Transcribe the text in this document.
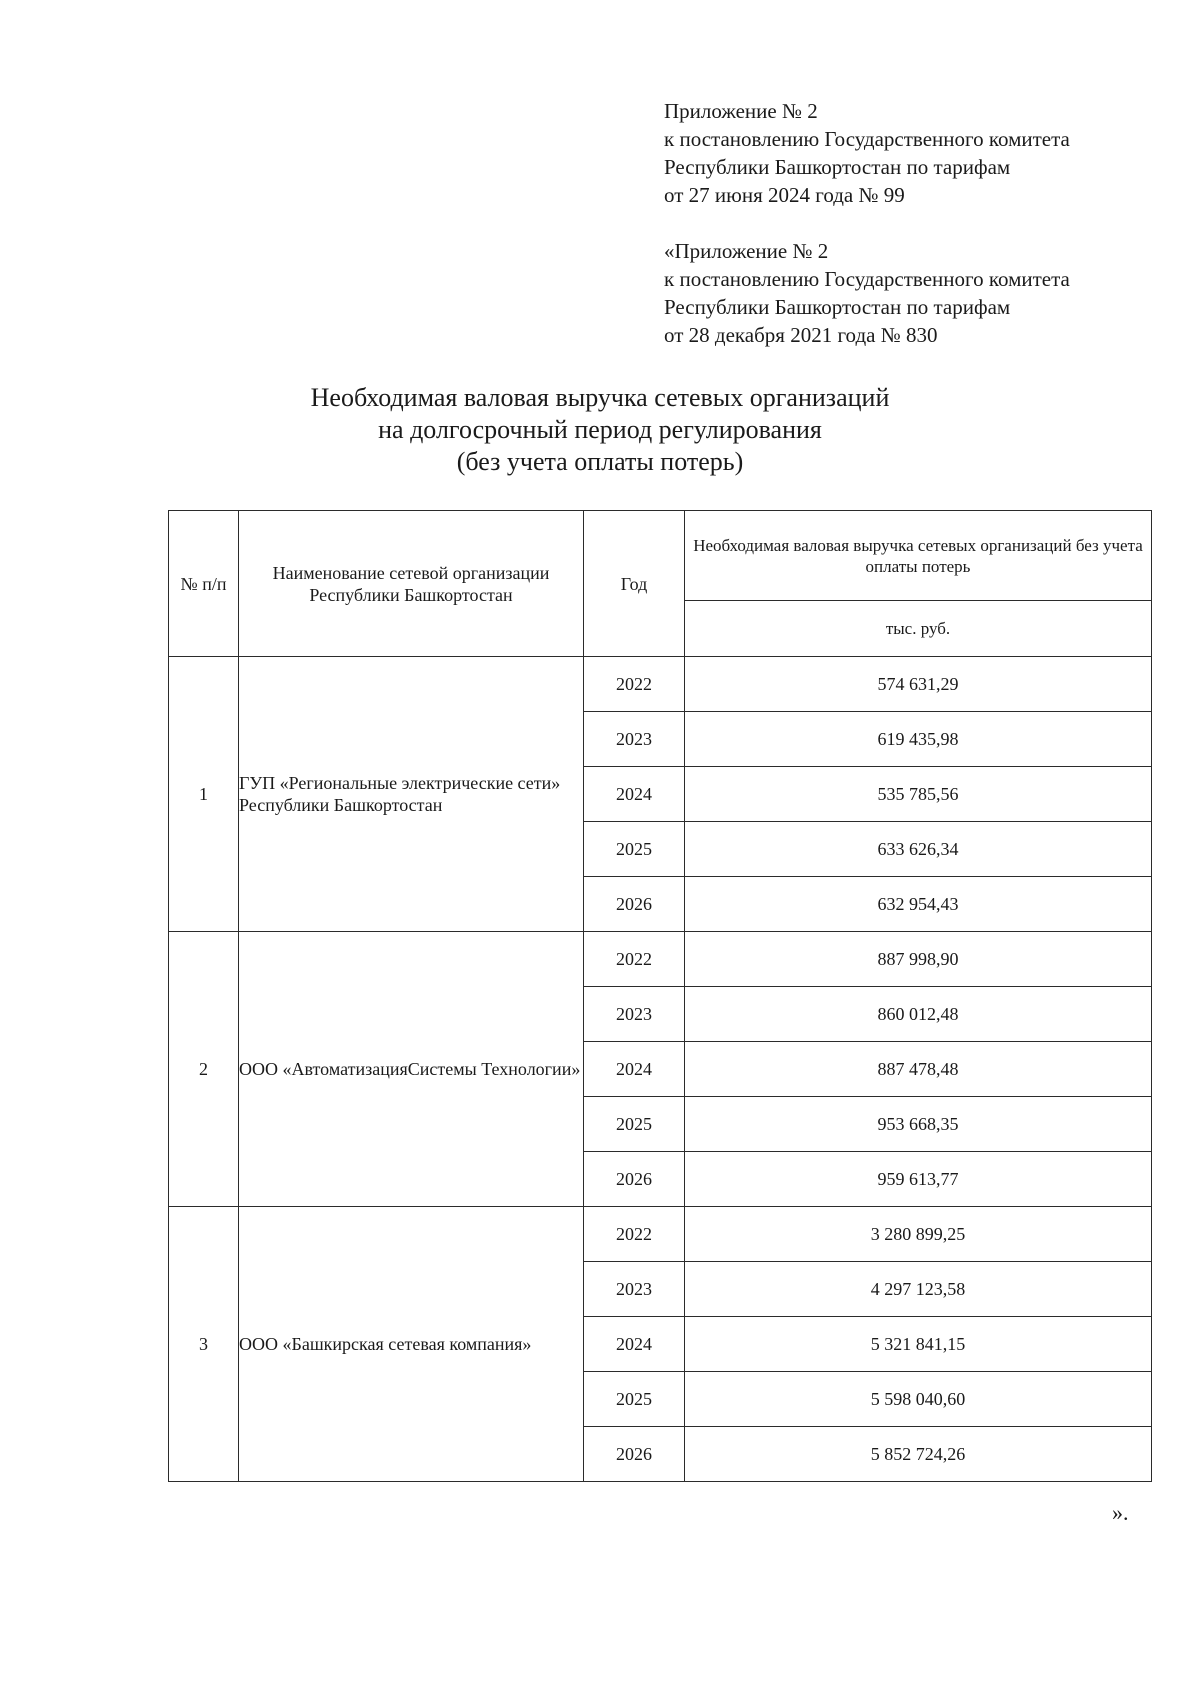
Приложение № 2
к постановлению Государственного комитета
Республики Башкортостан по тарифам
от 27 июня 2024 года № 99
«Приложение № 2
к постановлению Государственного комитета
Республики Башкортостан по тарифам
от 28 декабря 2021 года № 830
Необходимая валовая выручка сетевых организаций
на долгосрочный период регулирования
(без учета оплаты потерь)
№ п/п	Наименование сетевой организации Республики Башкортостан	Год	Необходимая валовая выручка сетевых организаций без учета оплаты потерь
			тыс. руб.
1	ГУП «Региональные электрические сети» Республики Башкортостан	2022	574 631,29
		2023	619 435,98
		2024	535 785,56
		2025	633 626,34
		2026	632 954,43
2	ООО «АвтоматизацияСистемы Технологии»	2022	887 998,90
		2023	860 012,48
		2024	887 478,48
		2025	953 668,35
		2026	959 613,77
3	ООО «Башкирская сетевая компания»	2022	3 280 899,25
		2023	4 297 123,58
		2024	5 321 841,15
		2025	5 598 040,60
		2026	5 852 724,26
».
